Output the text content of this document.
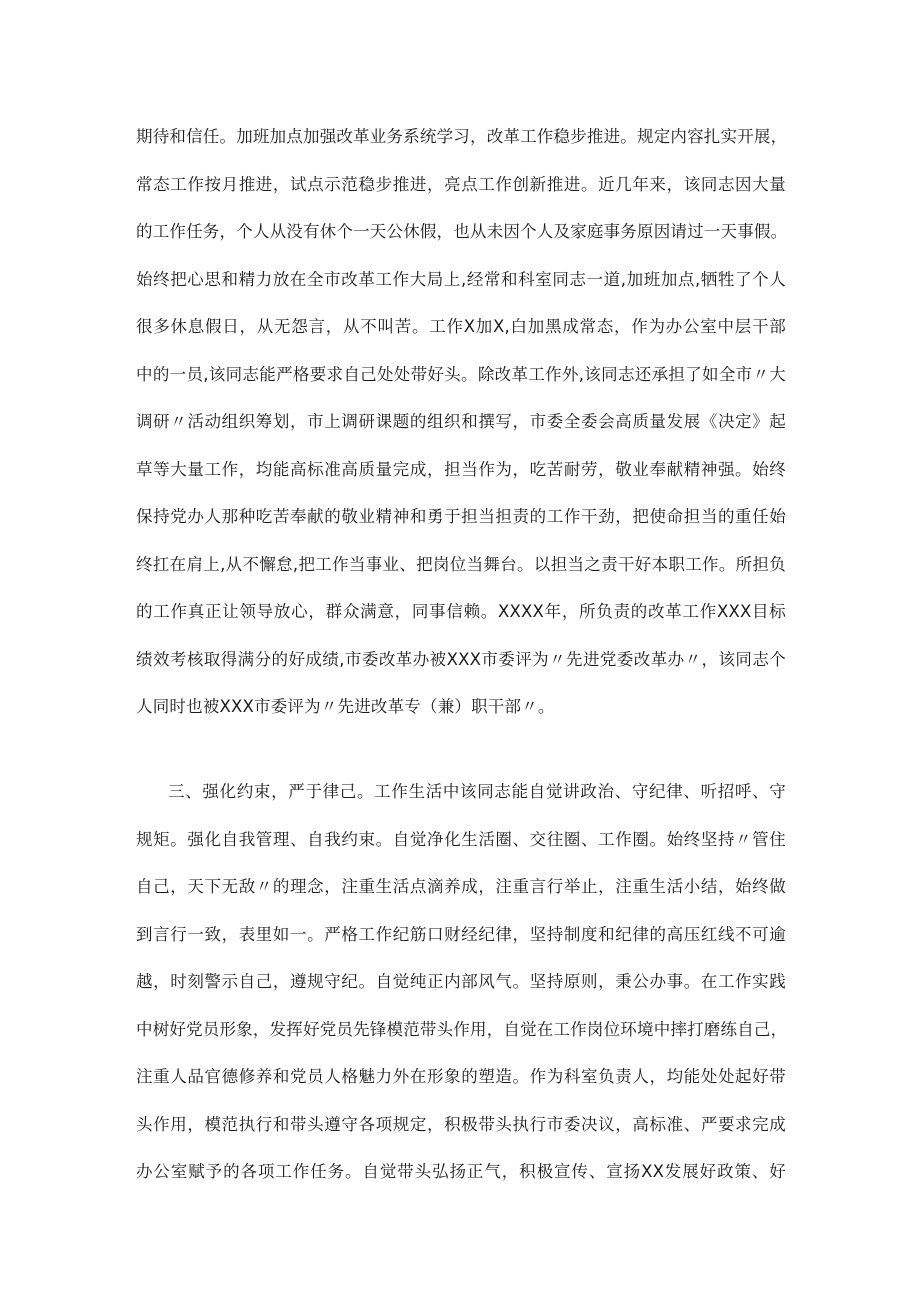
期待和信任。加班加点加强改革业务系统学习，改革工作稳步推进。规定内容扎实开展，
常态工作按月推进，试点示范稳步推进，亮点工作创新推进。近几年来，该同志因大量
的工作任务，个人从没有休个一天公休假，也从未因个人及家庭事务原因请过一天事假。
始终把心思和精力放在全市改革工作大局上,经常和科室同志一道,加班加点,牺牲了个人
很多休息假日，从无怨言，从不叫苦。工作X加X,白加黑成常态，作为办公室中层干部
中的一员,该同志能严格要求自己处处带好头。除改革工作外,该同志还承担了如全市〃大
调研〃活动组织筹划，市上调研课题的组织和撰写，市委全委会高质量发展《决定》起
草等大量工作，均能高标准高质量完成，担当作为，吃苦耐劳，敬业奉献精神强。始终
保持党办人那种吃苦奉献的敬业精神和勇于担当担责的工作干劲，把使命担当的重任始
终扛在肩上,从不懈怠,把工作当事业、把岗位当舞台。以担当之责干好本职工作。所担负
的工作真正让领导放心，群众满意，同事信赖。XXXX年，所负责的改革工作XXX目标
绩效考核取得满分的好成绩,市委改革办被XXX市委评为〃先进党委改革办〃，该同志个
人同时也被XXX市委评为〃先进改革专（兼）职干部〃。
三、强化约束，严于律己。工作生活中该同志能自觉讲政治、守纪律、听招呼、守
规矩。强化自我管理、自我约束。自觉净化生活圈、交往圈、工作圈。始终坚持〃管住
自己，天下无敌〃的理念，注重生活点滴养成，注重言行举止，注重生活小结，始终做
到言行一致，表里如一。严格工作纪筋口财经纪律，坚持制度和纪律的高压红线不可逾
越，时刻警示自己，遵规守纪。自觉纯正内部风气。坚持原则，秉公办事。在工作实践
中树好党员形象，发挥好党员先锋模范带头作用，自觉在工作岗位环境中摔打磨练自己，
注重人品官德修养和党员人格魅力外在形象的塑造。作为科室负责人，均能处处起好带
头作用，模范执行和带头遵守各项规定，积极带头执行市委决议，高标准、严要求完成
办公室赋予的各项工作任务。自觉带头弘扬正气，积极宣传、宣扬XX发展好政策、好
